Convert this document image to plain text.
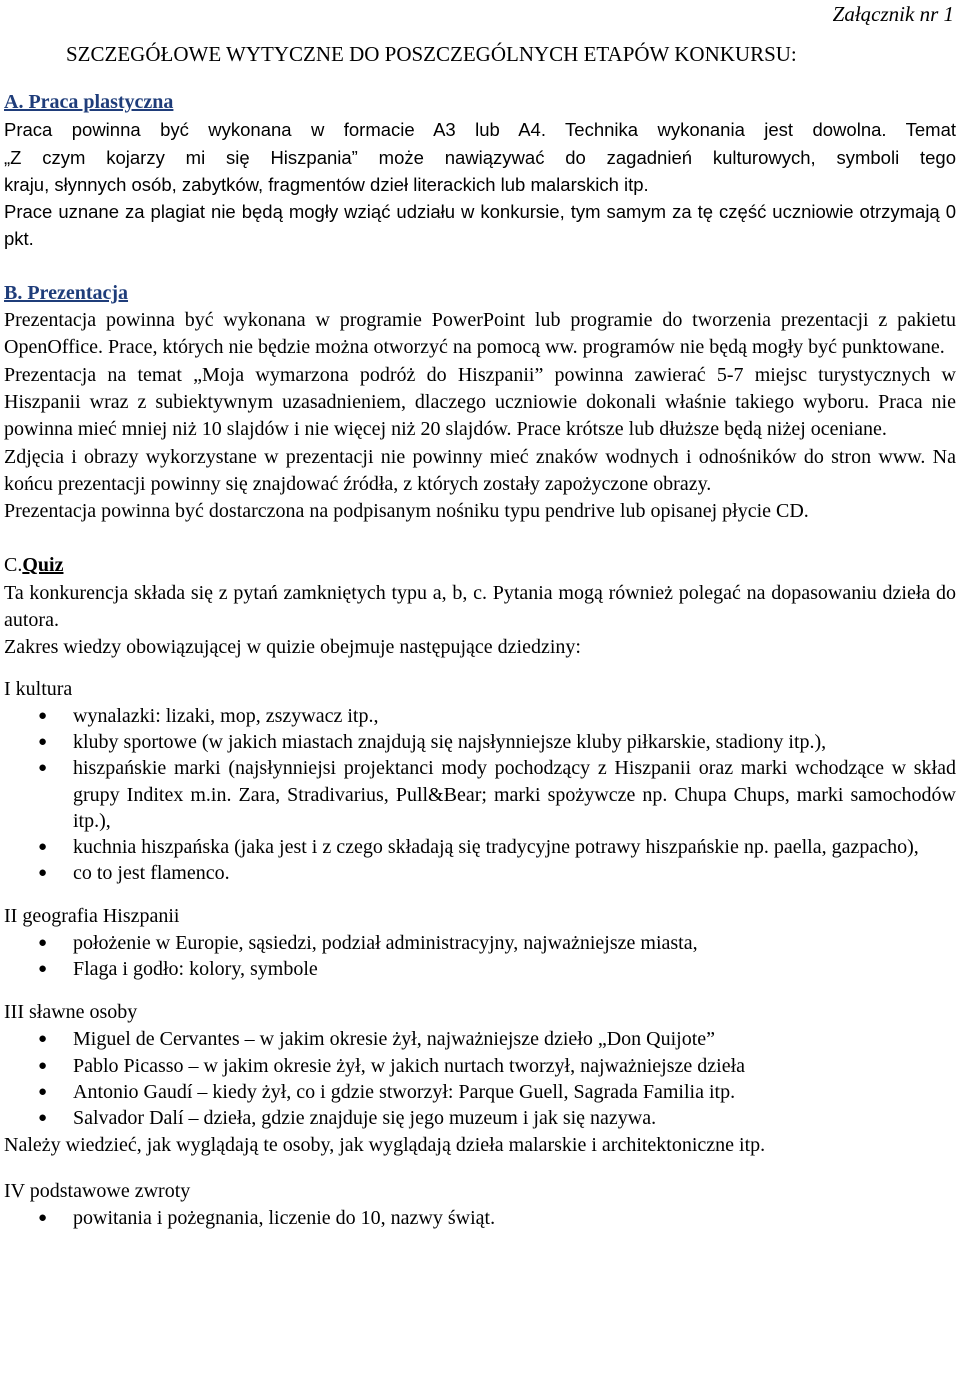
Załącznik nr 1
SZCZEGÓŁOWE WYTYCZNE DO POSZCZEGÓLNYCH ETAPÓW KONKURSU:
A. Praca plastyczna

Praca powinna być wykonana w formacie A3 lub A4. Technika wykonania jest dowolna. Temat

„Z czym kojarzy mi się Hiszpania” może nawiązywać do zagadnień kulturowych, symboli tego

kraju, słynnych osób, zabytków, fragmentów dzieł literackich lub malarskich itp.

Prace uznane za plagiat nie będą mogły wziąć udziału w konkursie, tym samym za tę część uczniowie otrzymają 0 pkt.

B. Prezentacja

Prezentacja powinna być wykonana w programie PowerPoint lub programie do tworzenia prezentacji z pakietu OpenOffice. Prace, których nie będzie można otworzyć na pomocą ww. programów nie będą mogły być punktowane.

Prezentacja na temat „Moja wymarzona podróż do Hiszpanii” powinna zawierać 5-7 miejsc turystycznych w Hiszpanii wraz z subiektywnym uzasadnieniem, dlaczego uczniowie dokonali właśnie takiego wyboru. Praca nie powinna mieć mniej niż 10 slajdów i nie więcej niż 20 slajdów. Prace krótsze lub dłuższe będą niżej oceniane.

Zdjęcia i obrazy wykorzystane w prezentacji nie powinny mieć znaków wodnych i odnośników do stron www. Na końcu prezentacji powinny się znajdować źródła, z których zostały zapożyczone obrazy.

Prezentacja powinna być dostarczona na podpisanym nośniku typu pendrive lub opisanej płycie CD.

C.Quiz

Ta konkurencja składa się z pytań zamkniętych typu a, b, c. Pytania mogą również polegać na dopasowaniu dzieła do autora.

Zakres wiedzy obowiązującej w quizie obejmuje następujące dziedziny:

I kultura
● wynalazki: lizaki, mop, zszywacz itp.,
● kluby sportowe (w jakich miastach znajdują się najsłynniejsze kluby piłkarskie, stadiony itp.),
● hiszpańskie marki (najsłynniejsi projektanci mody pochodzący z Hiszpanii oraz marki wchodzące w skład grupy Inditex m.in. Zara, Stradivarius, Pull&Bear; marki spożywcze np. Chupa Chups, marki samochodów itp.),
● kuchnia hiszpańska (jaka jest i z czego składają się tradycyjne potrawy hiszpańskie np. paella, gazpacho),
● co to jest flamenco.
II geografia Hiszpanii
● położenie w Europie, sąsiedzi, podział administracyjny, najważniejsze miasta,
● Flaga i godło: kolory, symbole
III sławne osoby
● Miguel de Cervantes – w jakim okresie żył, najważniejsze dzieło „Don Quijote”
● Pablo Picasso – w jakim okresie żył, w jakich nurtach tworzył, najważniejsze dzieła
● Antonio Gaudí – kiedy żył, co i gdzie stworzył: Parque Guell, Sagrada Familia itp.
● Salvador Dalí – dzieła, gdzie znajduje się jego muzeum i jak się nazywa.

Należy wiedzieć, jak wyglądają te osoby, jak wyglądają dzieła malarskie i architektoniczne itp.

IV podstawowe zwroty
● powitania i pożegnania, liczenie do 10, nazwy świąt.
